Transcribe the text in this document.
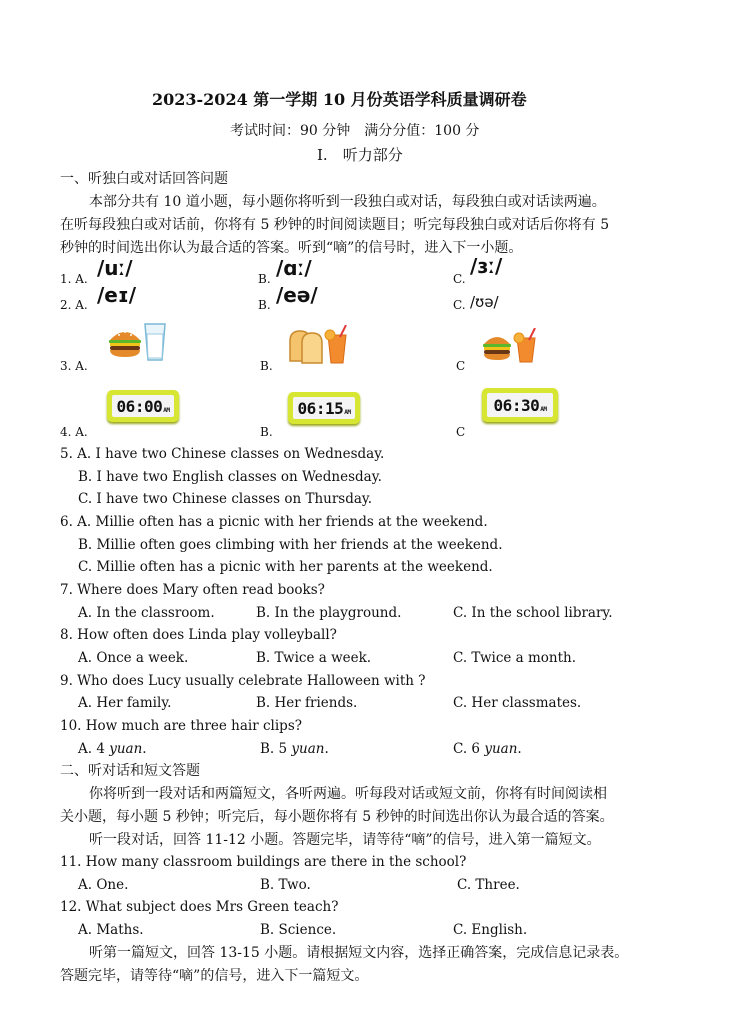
2023-2024 第一学期 10 月份英语学科质量调研卷
考试时间：90 分钟　满分分值：100 分
I.　听力部分
一、听独白或对话回答问题
本部分共有 10 道小题，每小题你将听到一段独白或对话，每段独白或对话读两遍。
在听每段独白或对话前，你将有 5 秒钟的时间阅读题目；听完每段独白或对话后你将有 5
秒钟的时间选出你认为最合适的答案。听到“嘀”的信号时，进入下一小题。
1. A. /uː/	B. /ɑː/	C.
/ɜː/
2. A. /eɪ/	B. /eə/	C. /ʊə/
3. A.	B.	C
4. A.
06:00 AM
B.
06:15 AM
C
06:30 AM
5. A. I have two Chinese classes on Wednesday.
B. I have two English classes on Wednesday.
C. I have two Chinese classes on Thursday.
6. A. Millie often has a picnic with her friends at the weekend.
B. Millie often goes climbing with her friends at the weekend.
C. Millie often has a picnic with her parents at the weekend.
7. Where does Mary often read books?
A. In the classroom.	B. In the playground.	C. In the school library.
8. How often does Linda play volleyball?
A. Once a week.	B. Twice a week.	C. Twice a month.
9. Who does Lucy usually celebrate Halloween with ?
A. Her family.	B. Her friends.	C. Her classmates.
10. How much are three hair clips?
A. 4 yuan.	B. 5 yuan.	C. 6 yuan.
二、听对话和短文答题
你将听到一段对话和两篇短文，各听两遍。听每段对话或短文前，你将有时间阅读相
关小题，每小题 5 秒钟；听完后，每小题你将有 5 秒钟的时间选出你认为最合适的答案。
听一段对话，回答 11-12 小题。答题完毕，请等待“嘀”的信号，进入第一篇短文。
11. How many classroom buildings are there in the school?
A. One.	B. Two.	C. Three.
12. What subject does Mrs Green teach?
A. Maths.	B. Science.	C. English.
听第一篇短文，回答 13-15 小题。请根据短文内容，选择正确答案，完成信息记录表。
答题完毕，请等待“嘀”的信号，进入下一篇短文。
